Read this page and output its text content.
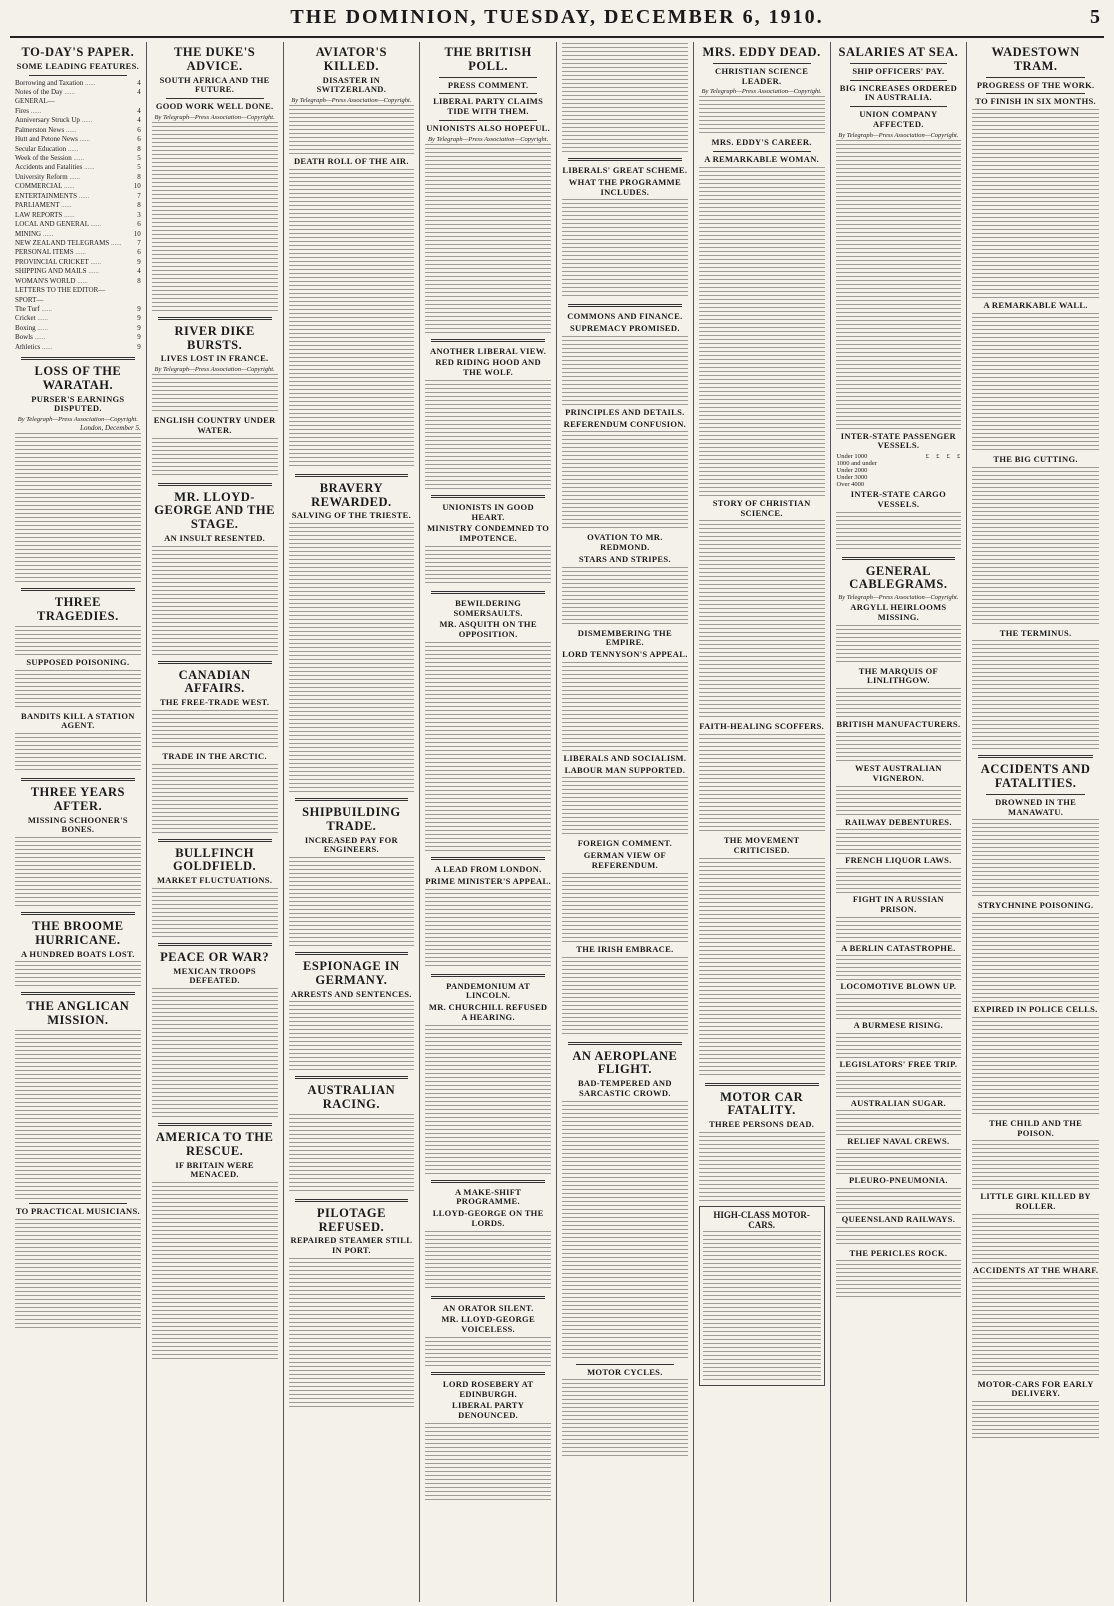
THE DOMINION, TUESDAY, DECEMBER 6, 1910.	5
TO-DAY'S PAPER.
SOME LEADING FEATURES.
Borrowing and Taxation ......	4
Notes of the Day ......	4
GENERAL—
Fires ......	4
Anniversary Struck Up ......	4
Palmerston News ......	6
Hutt and Petone News ......	6
Secular Education ......	8
Week of the Session ......	5
Accidents and Fatalities ......	5
University Reform ......	8
COMMERCIAL ......	10
ENTERTAINMENTS ......	7
PARLIAMENT ......	8
LAW REPORTS ......	3
LOCAL AND GENERAL ......	6
MINING ......	10
NEW ZEALAND TELEGRAMS ......	7
PERSONAL ITEMS ......	6
PROVINCIAL CRICKET ......	9
SHIPPING AND MAILS ......	4
WOMAN'S WORLD ......	8
LETTERS TO THE EDITOR—
SPORT—
The Turf ......	9
Cricket ......	9
Boxing ......	9
Bowls ......	9
Athletics ......	9
LOSS OF THE WARATAH.
PURSER'S EARNINGS DISPUTED.
By Telegraph—Press Association—Copyright.
London, December 5.
THREE TRAGEDIES.
SUPPOSED POISONING.
BANDITS KILL A STATION AGENT.
THREE YEARS AFTER.
MISSING SCHOONER'S BONES.
THE BROOME HURRICANE.
A HUNDRED BOATS LOST.
THE ANGLICAN MISSION.
TO PRACTICAL MUSICIANS.
THE DUKE'S ADVICE.
SOUTH AFRICA AND THE FUTURE.
GOOD WORK WELL DONE.
By Telegraph—Press Association—Copyright.
RIVER DIKE BURSTS.
LIVES LOST IN FRANCE.
By Telegraph—Press Association—Copyright.
ENGLISH COUNTRY UNDER WATER.
MR. LLOYD-GEORGE AND THE STAGE.
AN INSULT RESENTED.
CANADIAN AFFAIRS.
THE FREE-TRADE WEST.
TRADE IN THE ARCTIC.
BULLFINCH GOLDFIELD.
MARKET FLUCTUATIONS.
PEACE OR WAR?
MEXICAN TROOPS DEFEATED.
AMERICA TO THE RESCUE.
IF BRITAIN WERE MENACED.
AVIATOR'S KILLED.
DISASTER IN SWITZERLAND.
By Telegraph—Press Association—Copyright.
DEATH ROLL OF THE AIR.
BRAVERY REWARDED.
SALVING OF THE TRIESTE.
SHIPBUILDING TRADE.
INCREASED PAY FOR ENGINEERS.
ESPIONAGE IN GERMANY.
ARRESTS AND SENTENCES.
AUSTRALIAN RACING.
PILOTAGE REFUSED.
REPAIRED STEAMER STILL IN PORT.
THE BRITISH POLL.
PRESS COMMENT.
LIBERAL PARTY CLAIMS TIDE WITH THEM.
UNIONISTS ALSO HOPEFUL.
By Telegraph—Press Association—Copyright.
ANOTHER LIBERAL VIEW.
RED RIDING HOOD AND THE WOLF.
UNIONISTS IN GOOD HEART.
MINISTRY CONDEMNED TO IMPOTENCE.
BEWILDERING SOMERSAULTS.
MR. ASQUITH ON THE OPPOSITION.
A LEAD FROM LONDON.
PRIME MINISTER'S APPEAL.
PANDEMONIUM AT LINCOLN.
MR. CHURCHILL REFUSED A HEARING.
A MAKE-SHIFT PROGRAMME.
LLOYD-GEORGE ON THE LORDS.
AN ORATOR SILENT.
MR. LLOYD-GEORGE VOICELESS.
LORD ROSEBERY AT EDINBURGH.
LIBERAL PARTY DENOUNCED.
LIBERALS' GREAT SCHEME.
WHAT THE PROGRAMME INCLUDES.
COMMONS AND FINANCE.
SUPREMACY PROMISED.
PRINCIPLES AND DETAILS.
REFERENDUM CONFUSION.
OVATION TO MR. REDMOND.
STARS AND STRIPES.
DISMEMBERING THE EMPIRE.
LORD TENNYSON'S APPEAL.
LIBERALS AND SOCIALISM.
LABOUR MAN SUPPORTED.
FOREIGN COMMENT.
GERMAN VIEW OF REFERENDUM.
THE IRISH EMBRACE.
AN AEROPLANE FLIGHT.
BAD-TEMPERED AND SARCASTIC CROWD.
MOTOR CYCLES.
MRS. EDDY DEAD.
CHRISTIAN SCIENCE LEADER.
By Telegraph—Press Association—Copyright.
MRS. EDDY'S CAREER.
A REMARKABLE WOMAN.
STORY OF CHRISTIAN SCIENCE.
FAITH-HEALING SCOFFERS.
THE MOVEMENT CRITICISED.
MOTOR CAR FATALITY.
THREE PERSONS DEAD.
HIGH-CLASS MOTOR-CARS.
SALARIES AT SEA.
SHIP OFFICERS' PAY.
BIG INCREASES ORDERED IN AUSTRALIA.
UNION COMPANY AFFECTED.
By Telegraph—Press Association—Copyright.
INTER-STATE PASSENGER VESSELS.
Under 1000	£	£	£	£
1000 and under				
Under 2000				
Under 3000				
Over 4000				
INTER-STATE CARGO VESSELS.
GENERAL CABLEGRAMS.
By Telegraph—Press Association—Copyright.
ARGYLL HEIRLOOMS MISSING.
THE MARQUIS OF LINLITHGOW.
BRITISH MANUFACTURERS.
WEST AUSTRALIAN VIGNERON.
RAILWAY DEBENTURES.
FRENCH LIQUOR LAWS.
FIGHT IN A RUSSIAN PRISON.
A BERLIN CATASTROPHE.
LOCOMOTIVE BLOWN UP.
A BURMESE RISING.
LEGISLATORS' FREE TRIP.
AUSTRALIAN SUGAR.
RELIEF NAVAL CREWS.
PLEURO-PNEUMONIA.
QUEENSLAND RAILWAYS.
THE PERICLES ROCK.
WADESTOWN TRAM.
PROGRESS OF THE WORK.
TO FINISH IN SIX MONTHS.
A REMARKABLE WALL.
THE BIG CUTTING.
THE TERMINUS.
ACCIDENTS AND FATALITIES.
DROWNED IN THE MANAWATU.
STRYCHNINE POISONING.
EXPIRED IN POLICE CELLS.
THE CHILD AND THE POISON.
LITTLE GIRL KILLED BY ROLLER.
ACCIDENTS AT THE WHARF.
MOTOR-CARS FOR EARLY DELIVERY.
